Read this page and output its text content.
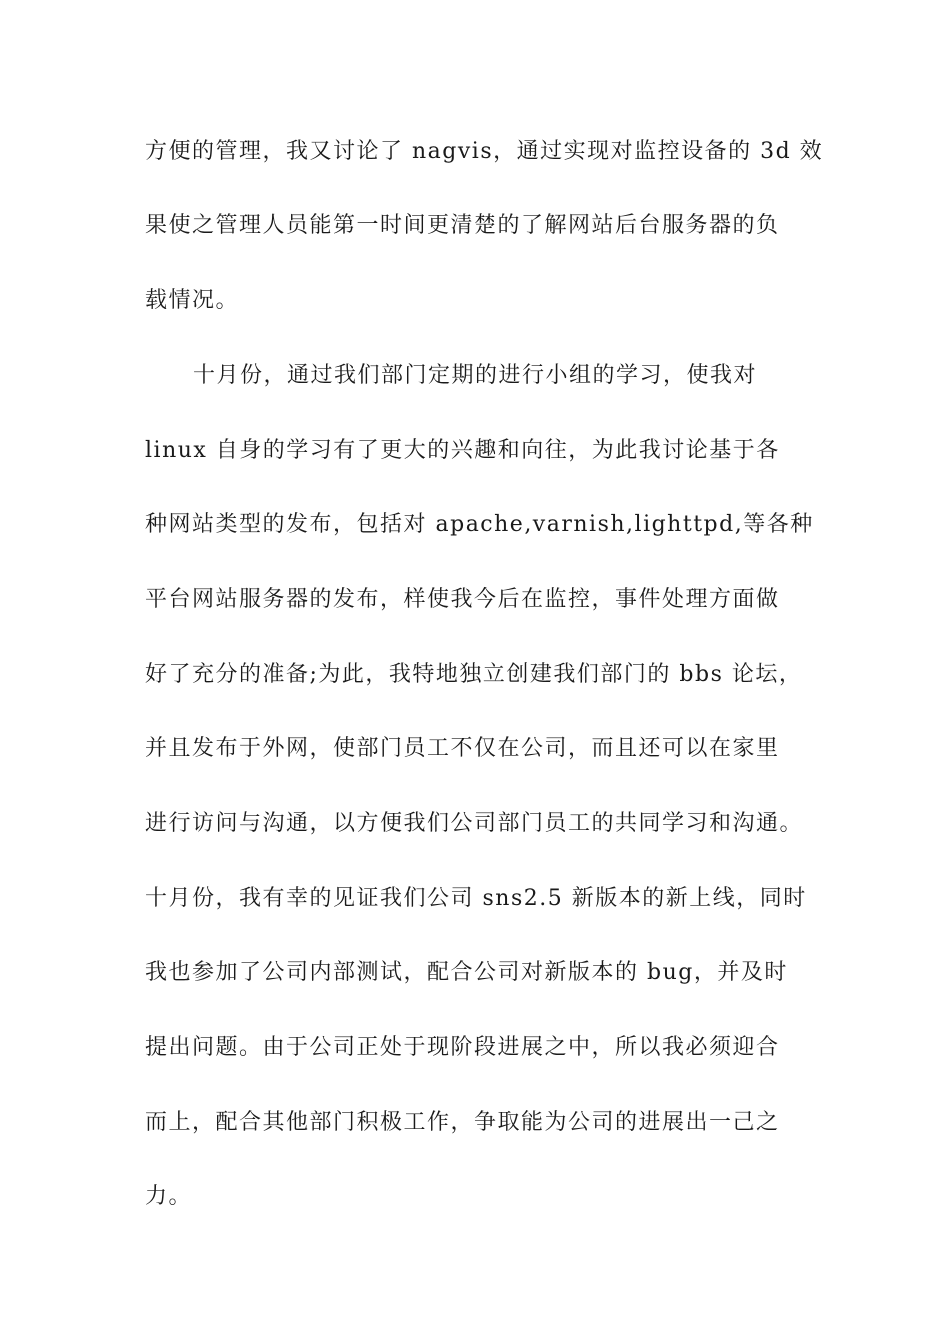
方便的管理，我又讨论了 nagvis，通过实现对监控设备的 3d 效
果使之管理人员能第一时间更清楚的了解网站后台服务器的负
载情况。
十月份，通过我们部门定期的进行小组的学习，使我对
linux 自身的学习有了更大的兴趣和向往，为此我讨论基于各
种网站类型的发布，包括对 apache,varnish,lighttpd,等各种
平台网站服务器的发布，样使我今后在监控，事件处理方面做
好了充分的准备;为此，我特地独立创建我们部门的 bbs 论坛，
并且发布于外网，使部门员工不仅在公司，而且还可以在家里
进行访问与沟通，以方便我们公司部门员工的共同学习和沟通。
十月份，我有幸的见证我们公司 sns2.5 新版本的新上线，同时
我也参加了公司内部测试，配合公司对新版本的 bug，并及时
提出问题。由于公司正处于现阶段进展之中，所以我必须迎合
而上，配合其他部门积极工作，争取能为公司的进展出一己之
力。
